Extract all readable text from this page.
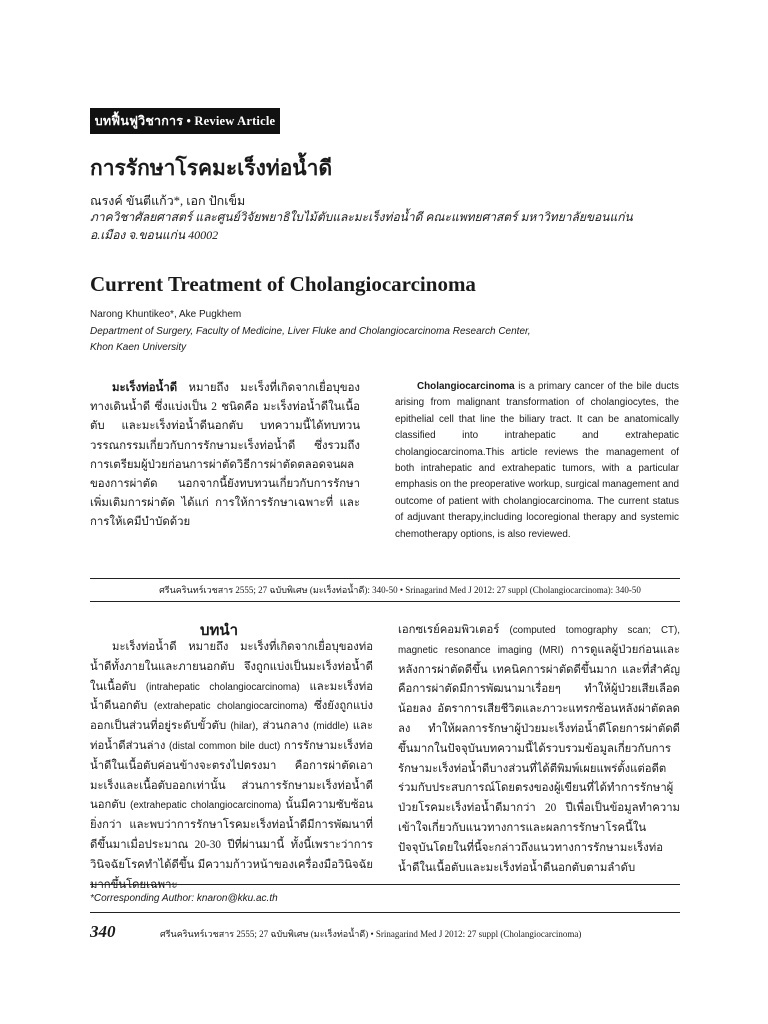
บทฟื้นฟูวิชาการ • Review Article
การรักษาโรคมะเร็งท่อน้ำดี
ณรงค์ ขันตีแก้ว*, เอก ปักเข็ม
ภาควิชาศัลยศาสตร์ และศูนย์วิจัยพยาธิใบไม้ตับและมะเร็งท่อน้ำดี คณะแพทยศาสตร์ มหาวิทยาลัยขอนแก่น
อ.เมือง จ.ขอนแก่น 40002
Current Treatment of Cholangiocarcinoma
Narong Khuntikeo*, Ake Pugkhem
Department of Surgery, Faculty of Medicine, Liver Fluke and Cholangiocarcinoma Research Center,
Khon Kaen University
มะเร็งท่อน้ำดี หมายถึง มะเร็งที่เกิดจากเยื่อบุของทางเดินน้ำดี ซึ่งแบ่งเป็น 2 ชนิดคือ มะเร็งท่อน้ำดีในเนื้อตับ และมะเร็งท่อน้ำดีนอกตับ บทความนี้ได้ทบทวนวรรณกรรมเกี่ยวกับการรักษามะเร็งท่อน้ำดี ซึ่งรวมถึงการเตรียมผู้ป่วยก่อนการผ่าตัดวิธีการผ่าตัดตลอดจนผลของการผ่าตัด นอกจากนี้ยังทบทวนเกี่ยวกับการรักษาเพิ่มเติมการผ่าตัด ได้แก่ การให้การรักษาเฉพาะที่ และการให้เคมีบำบัดด้วย
Cholangiocarcinoma is a primary cancer of the bile ducts arising from malignant transformation of cholangiocytes, the epithelial cell that line the biliary tract. It can be anatomically classified into intrahepatic and extrahepatic cholangiocarcinoma.This article reviews the management of both intrahepatic and extrahepatic tumors, with a particular emphasis on the preoperative workup, surgical management and outcome of patient with cholangiocarcinoma. The current status of adjuvant therapy,including locoregional therapy and systemic chemotherapy options, is also reviewed.
ศรีนครินทร์เวชสาร 2555; 27 ฉบับพิเศษ (มะเร็งท่อน้ำดี): 340-50 • Srinagarind Med J 2012: 27 suppl (Cholangiocarcinoma): 340-50
บทนำ
มะเร็งท่อน้ำดี หมายถึง มะเร็งที่เกิดจากเยื่อบุของท่อน้ำดีทั้งภายในและภายนอกตับ จึงถูกแบ่งเป็นมะเร็งท่อน้ำดีในเนื้อตับ (intrahepatic cholangiocarcinoma) และมะเร็งท่อน้ำดีนอกตับ (extrahepatic cholangiocarcinoma) ซึ่งยังถูกแบ่งออกเป็นส่วนที่อยู่ระดับขั้วตับ (hilar), ส่วนกลาง (middle) และท่อน้ำดีส่วนล่าง (distal common bile duct) การรักษามะเร็งท่อน้ำดีในเนื้อตับค่อนข้างจะตรงไปตรงมา คือการผ่าตัดเอามะเร็งและเนื้อตับออกเท่านั้น ส่วนการรักษามะเร็งท่อน้ำดีนอกตับ (extrahepatic cholangiocarcinoma) นั้นมีความซับซ้อนยิ่งกว่า และพบว่าการรักษาโรคมะเร็งท่อน้ำดีมีการพัฒนาที่ดีขึ้นมาเมื่อประมาณ 20-30 ปีที่ผ่านมานี้ ทั้งนี้เพราะว่าการวินิจฉัยโรคทำได้ดีขึ้น มีความก้าวหน้าของเครื่องมือวินิจฉัยมากขึ้นโดยเฉพาะ
เอกซเรย์คอมพิวเตอร์ (computed tomography scan; CT), magnetic resonance imaging (MRI) การดูแลผู้ป่วยก่อนและหลังการผ่าตัดดีขึ้น เทคนิคการผ่าตัดดีขึ้นมาก และที่สำคัญคือการผ่าตัดมีการพัฒนามาเรื่อยๆ ทำให้ผู้ป่วยเสียเลือดน้อยลง อัตราการเสียชีวิตและภาวะแทรกซ้อนหลังผ่าตัดลดลง ทำให้ผลการรักษาผู้ป่วยมะเร็งท่อน้ำดีโดยการผ่าตัดดีขึ้นมากในปัจจุบันบทความนี้ได้รวบรวมข้อมูลเกี่ยวกับการรักษามะเร็งท่อน้ำดีบางส่วนที่ได้ตีพิมพ์เผยแพร่ตั้งแต่อดีตร่วมกับประสบการณ์โดยตรงของผู้เขียนที่ได้ทำการรักษาผู้ป่วยโรคมะเร็งท่อน้ำดีมากว่า 20 ปีเพื่อเป็นข้อมูลทำความเข้าใจเกี่ยวกับแนวทางการและผลการรักษาโรคนี้ในปัจจุบันโดยในที่นี้จะกล่าวถึงแนวทางการรักษามะเร็งท่อน้ำดีในเนื้อตับและมะเร็งท่อน้ำดีนอกตับตามลำดับ
*Corresponding Author: knaron@kku.ac.th
340	ศรีนครินทร์เวชสาร 2555; 27 ฉบับพิเศษ (มะเร็งท่อน้ำดี) • Srinagarind Med J 2012: 27 suppl (Cholangiocarcinoma)
